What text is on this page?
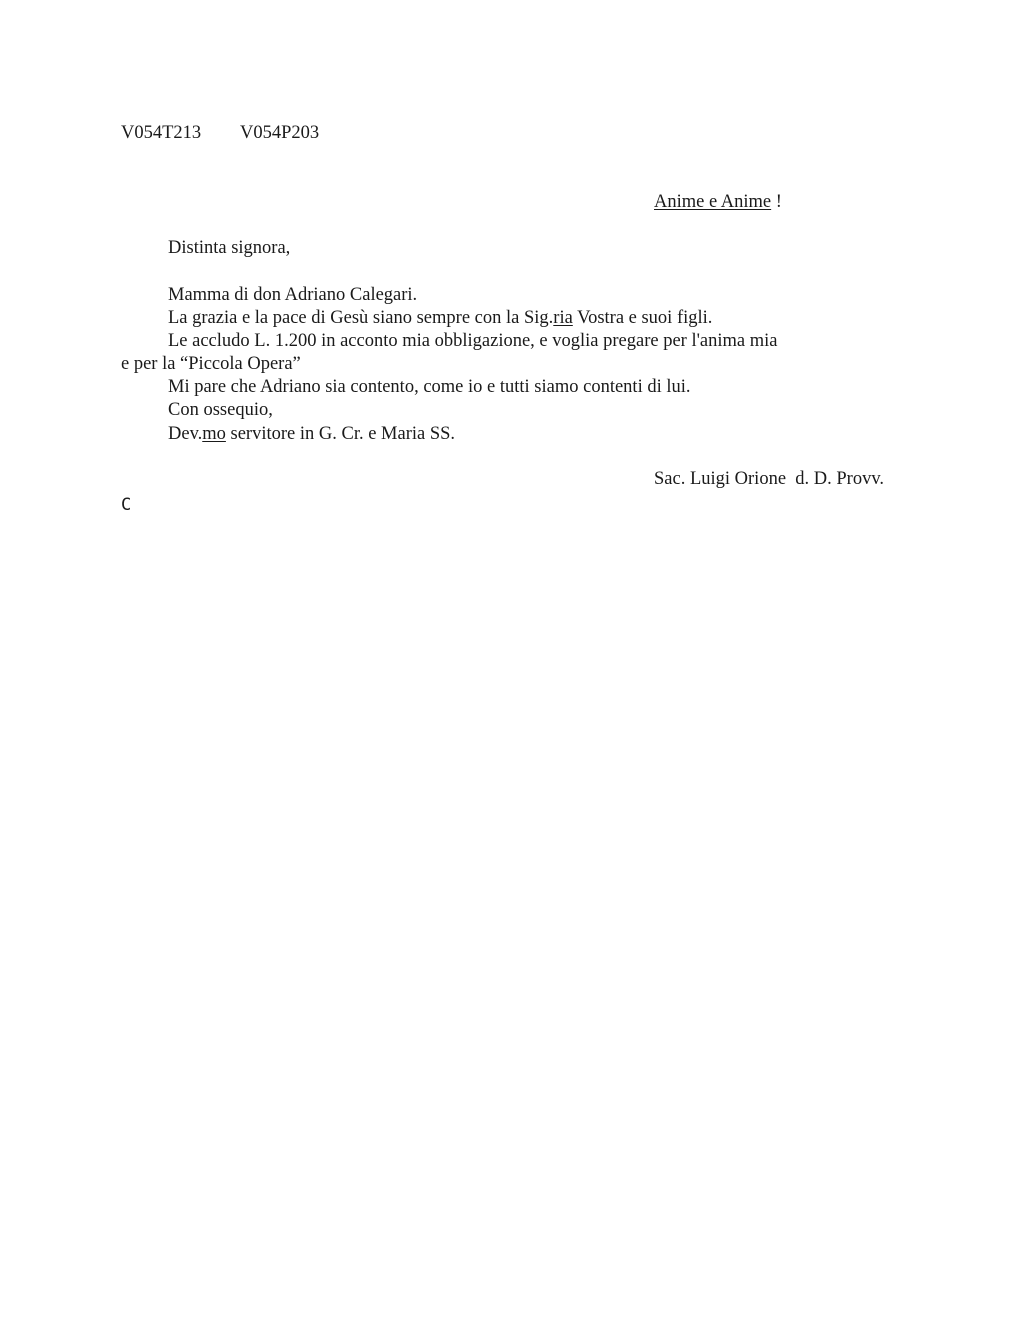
V054T213 V054P203
Anime e Anime !
Distinta signora,
Mamma di don Adriano Calegari.
La grazia e la pace di Gesù siano sempre con la Sig.ria Vostra e suoi figli.
Le accludo L. 1.200 in acconto mia obbligazione, e voglia pregare per l'anima mia
e per la “Piccola Opera”
Mi pare che Adriano sia contento, come io e tutti siamo contenti di lui.
Con ossequio,
Dev.mo servitore in G. Cr. e Maria SS.
Sac. Luigi Orione  d. D. Provv.
C
